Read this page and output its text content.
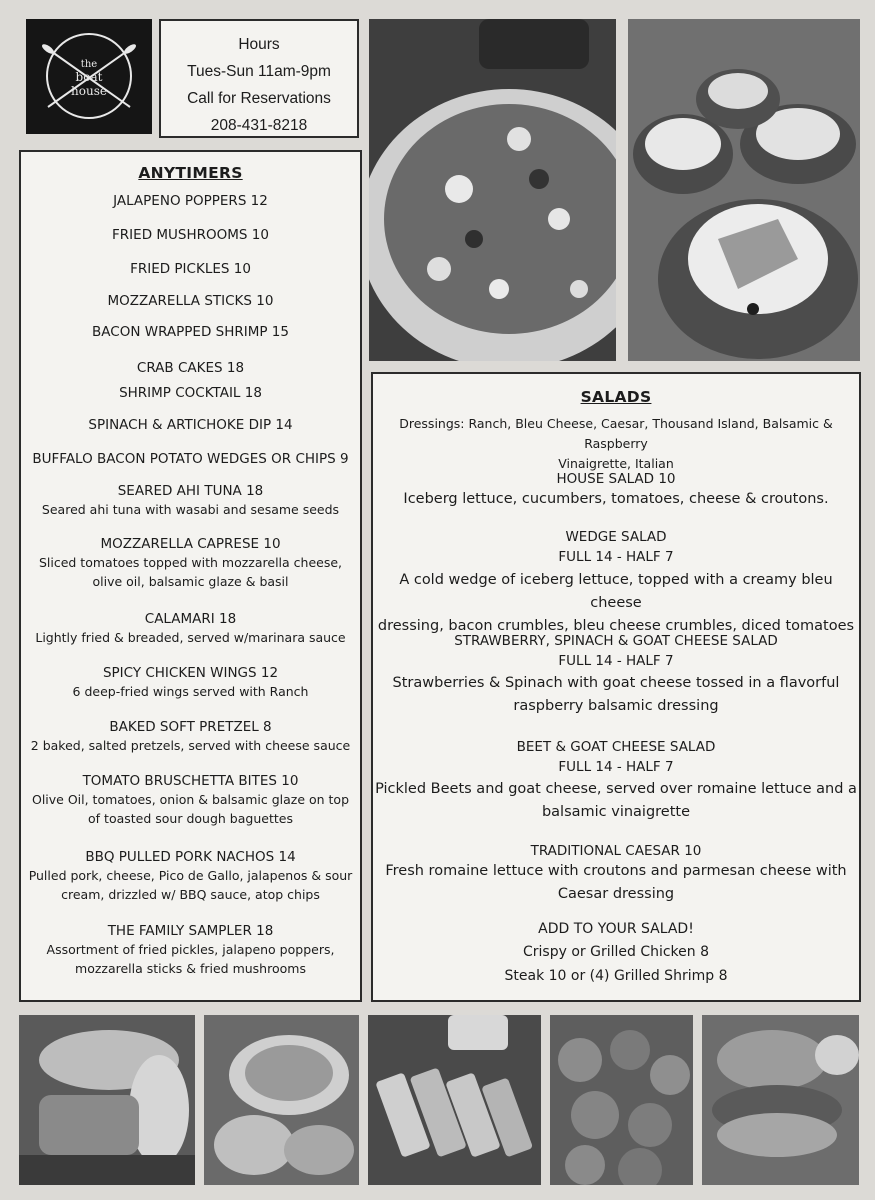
the
boat
house
Hours
Tues-Sun 11am-9pm
Call for Reservations
208-431-8218
ANYTIMERS
JALAPENO POPPERS 12
FRIED MUSHROOMS 10
FRIED PICKLES 10
MOZZARELLA STICKS 10
BACON WRAPPED SHRIMP 15
CRAB CAKES 18
SHRIMP COCKTAIL 18
SPINACH & ARTICHOKE DIP 14
BUFFALO BACON POTATO WEDGES OR CHIPS 9
SEARED AHI TUNA 18
Seared ahi tuna with wasabi and sesame seeds
MOZZARELLA CAPRESE 10
Sliced tomatoes topped with mozzarella cheese,
olive oil, balsamic glaze & basil
CALAMARI 18
Lightly fried & breaded, served w/marinara sauce
SPICY CHICKEN WINGS 12
6 deep-fried wings served with Ranch
BAKED SOFT PRETZEL 8
2 baked, salted pretzels, served with cheese sauce
TOMATO BRUSCHETTA BITES 10
Olive Oil, tomatoes, onion & balsamic glaze on top
of toasted sour dough baguettes
BBQ PULLED PORK NACHOS 14
Pulled pork, cheese, Pico de Gallo, jalapenos & sour
cream, drizzled w/ BBQ sauce, atop chips
THE FAMILY SAMPLER 18
Assortment of fried pickles, jalapeno poppers,
mozzarella sticks & fried mushrooms
SALADS
Dressings: Ranch, Bleu Cheese, Caesar, Thousand Island, Balsamic & Raspberry
Vinaigrette, Italian
HOUSE SALAD 10
Iceberg lettuce, cucumbers, tomatoes, cheese & croutons.
WEDGE SALAD
FULL 14 - HALF 7
A cold wedge of iceberg lettuce, topped with a creamy bleu cheese
dressing, bacon crumbles, bleu cheese crumbles, diced tomatoes
STRAWBERRY, SPINACH & GOAT CHEESE SALAD
FULL 14 - HALF 7
Strawberries & Spinach with goat cheese tossed in a flavorful
raspberry balsamic dressing
BEET & GOAT CHEESE SALAD
FULL 14 - HALF 7
Pickled Beets and goat cheese, served over romaine lettuce and a
balsamic vinaigrette
TRADITIONAL CAESAR 10
Fresh romaine lettuce with croutons and parmesan cheese with
Caesar dressing
ADD TO YOUR SALAD!
Crispy or Grilled Chicken 8
Steak 10 or (4) Grilled Shrimp 8
